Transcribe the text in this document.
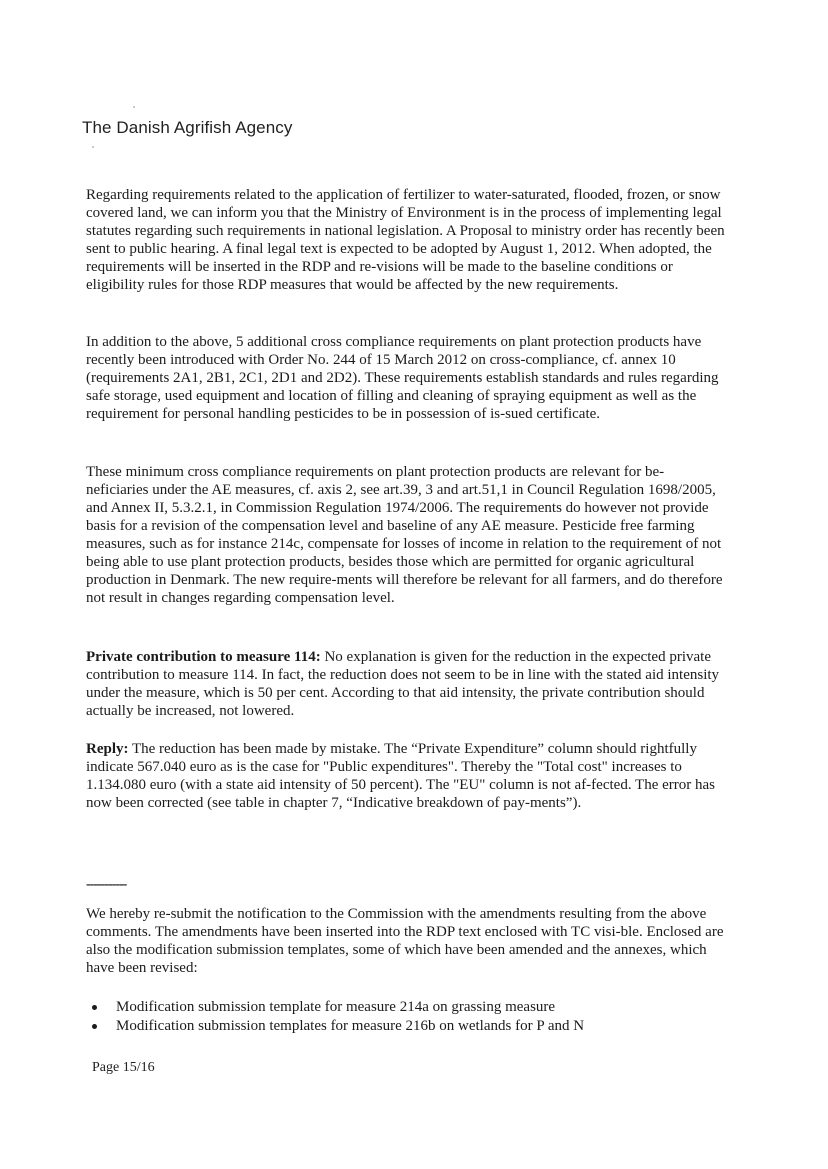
The Danish Agrifish Agency

Regarding requirements related to the application of fertilizer to water-saturated, flooded, frozen, or snow covered land, we can inform you that the Ministry of Environment is in the process of implementing legal statutes regarding such requirements in national legislation. A Proposal to ministry order has recently been sent to public hearing. A final legal text is expected to be adopted by August 1, 2012. When adopted, the requirements will be inserted in the RDP and re-visions will be made to the baseline conditions or eligibility rules for those RDP measures that would be affected by the new requirements.

In addition to the above, 5 additional cross compliance requirements on plant protection products have recently been introduced with Order No. 244 of 15 March 2012 on cross-compliance, cf. annex 10 (requirements 2A1, 2B1, 2C1, 2D1 and 2D2). These requirements establish standards and rules regarding safe storage, used equipment and location of filling and cleaning of spraying equipment as well as the requirement for personal handling pesticides to be in possession of is-sued certificate.

These minimum cross compliance requirements on plant protection products are relevant for be-neficiaries under the AE measures, cf. axis 2, see art.39, 3 and art.51,1 in Council Regulation 1698/2005, and Annex II, 5.3.2.1, in Commission Regulation 1974/2006. The requirements do however not provide basis for a revision of the compensation level and baseline of any AE measure. Pesticide free farming measures, such as for instance 214c, compensate for losses of income in relation to the requirement of not being able to use plant protection products, besides those which are permitted for organic agricultural production in Denmark. The new require-ments will therefore be relevant for all farmers, and do therefore not result in changes regarding compensation level.

Private contribution to measure 114: No explanation is given for the reduction in the expected private contribution to measure 114. In fact, the reduction does not seem to be in line with the stated aid intensity under the measure, which is 50 per cent. According to that aid intensity, the private contribution should actually be increased, not lowered.

Reply: The reduction has been made by mistake. The “Private Expenditure” column should rightfully indicate 567.040 euro as is the case for "Public expenditures". Thereby the "Total cost" increases to 1.134.080 euro (with a state aid intensity of 50 percent). The "EU" column is not af-fected. The error has now been corrected (see table in chapter 7, “Indicative breakdown of pay-ments”).

-----------

We hereby re-submit the notification to the Commission with the amendments resulting from the above comments. The amendments have been inserted into the RDP text enclosed with TC visi-ble. Enclosed are also the modification submission templates, some of which have been amended and the annexes, which have been revised:

Modification submission template for measure 214a on grassing measure
Modification submission templates for measure 216b on wetlands for P and N
Page 15/16
